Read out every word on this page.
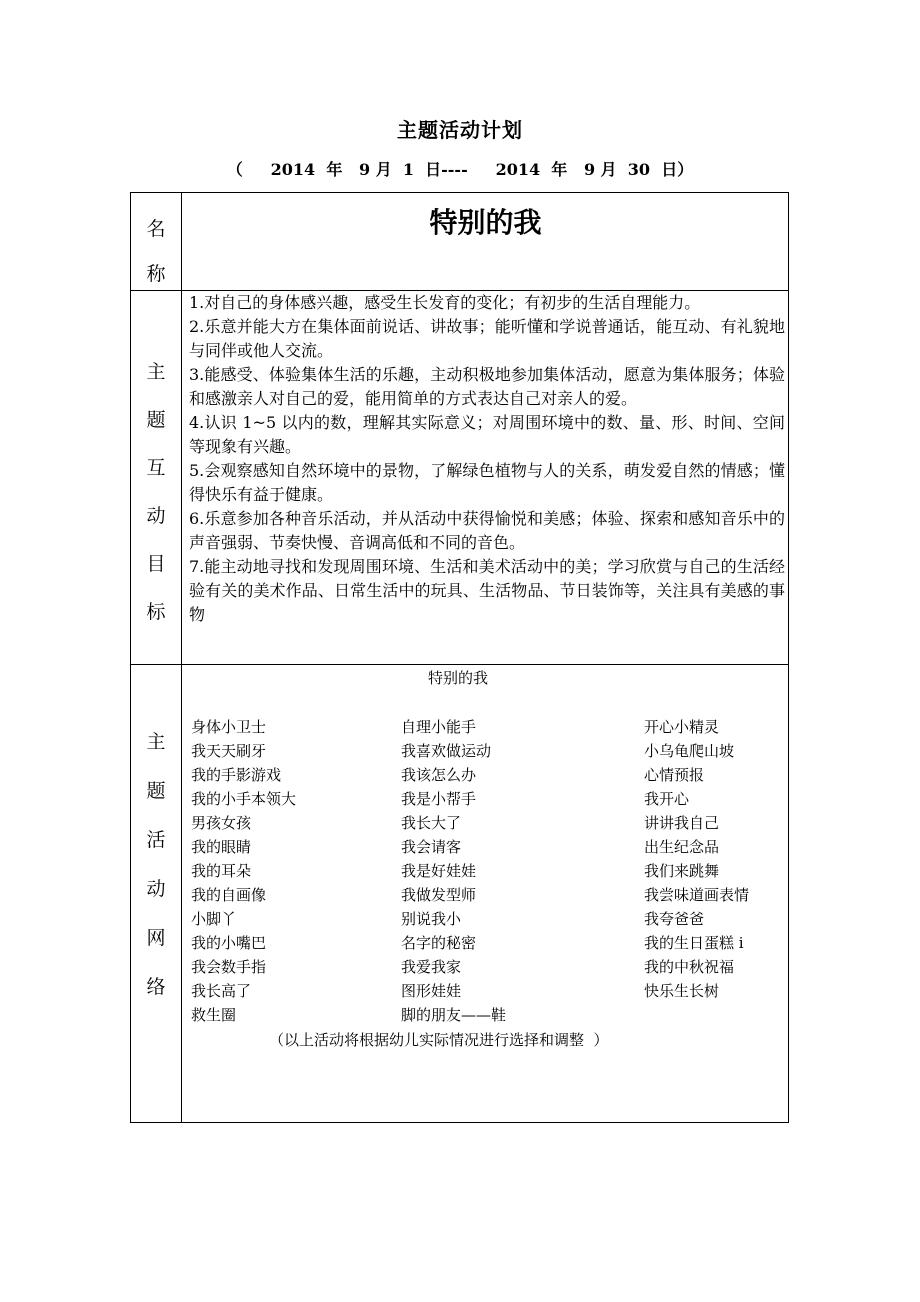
主题活动计划
（     2014  年   9 月  1  日----     2014  年   9 月  30  日）
名
称
特别的我
主
题
互
动
目
标

1.对自己的身体感兴趣，感受生长发育的变化；有初步的生活自理能力。

2.乐意并能大方在集体面前说话、讲故事；能听懂和学说普通话，能互动、有礼貌地与同伴或他人交流。

3.能感受、体验集体生活的乐趣，主动积极地参加集体活动，愿意为集体服务；体验和感激亲人对自己的爱，能用简单的方式表达自己对亲人的爱。

4.认识 1~5 以内的数，理解其实际意义；对周围环境中的数、量、形、时间、空间等现象有兴趣。

5.会观察感知自然环境中的景物，了解绿色植物与人的关系，萌发爱自然的情感；懂得快乐有益于健康。

6.乐意参加各种音乐活动，并从活动中获得愉悦和美感；体验、探索和感知音乐中的声音强弱、节奏快慢、音调高低和不同的音色。

7.能主动地寻找和发现周围环境、生活和美术活动中的美；学习欣赏与自己的生活经验有关的美术作品、日常生活中的玩具、生活物品、节日装饰等，关注具有美感的事物

主
题
活
动
网
络
特别的我
身体小卫士
我天天刷牙
我的手影游戏
我的小手本领大
男孩女孩
我的眼睛
我的耳朵
我的自画像
小脚丫
我的小嘴巴
我会数手指
我长高了
救生圈
自理小能手
我喜欢做运动
我该怎么办
我是小帮手
我长大了
我会请客
我是好娃娃
我做发型师
别说我小
名字的秘密
我爱我家
图形娃娃
脚的朋友——鞋
开心小精灵
小乌龟爬山坡
心情预报
我开心
讲讲我自己
出生纪念品
我们来跳舞
我尝味道画表情
我夸爸爸
我的生日蛋糕 i
我的中秋祝福
快乐生长树
（以上活动将根据幼儿实际情况进行选择和调整  ）
